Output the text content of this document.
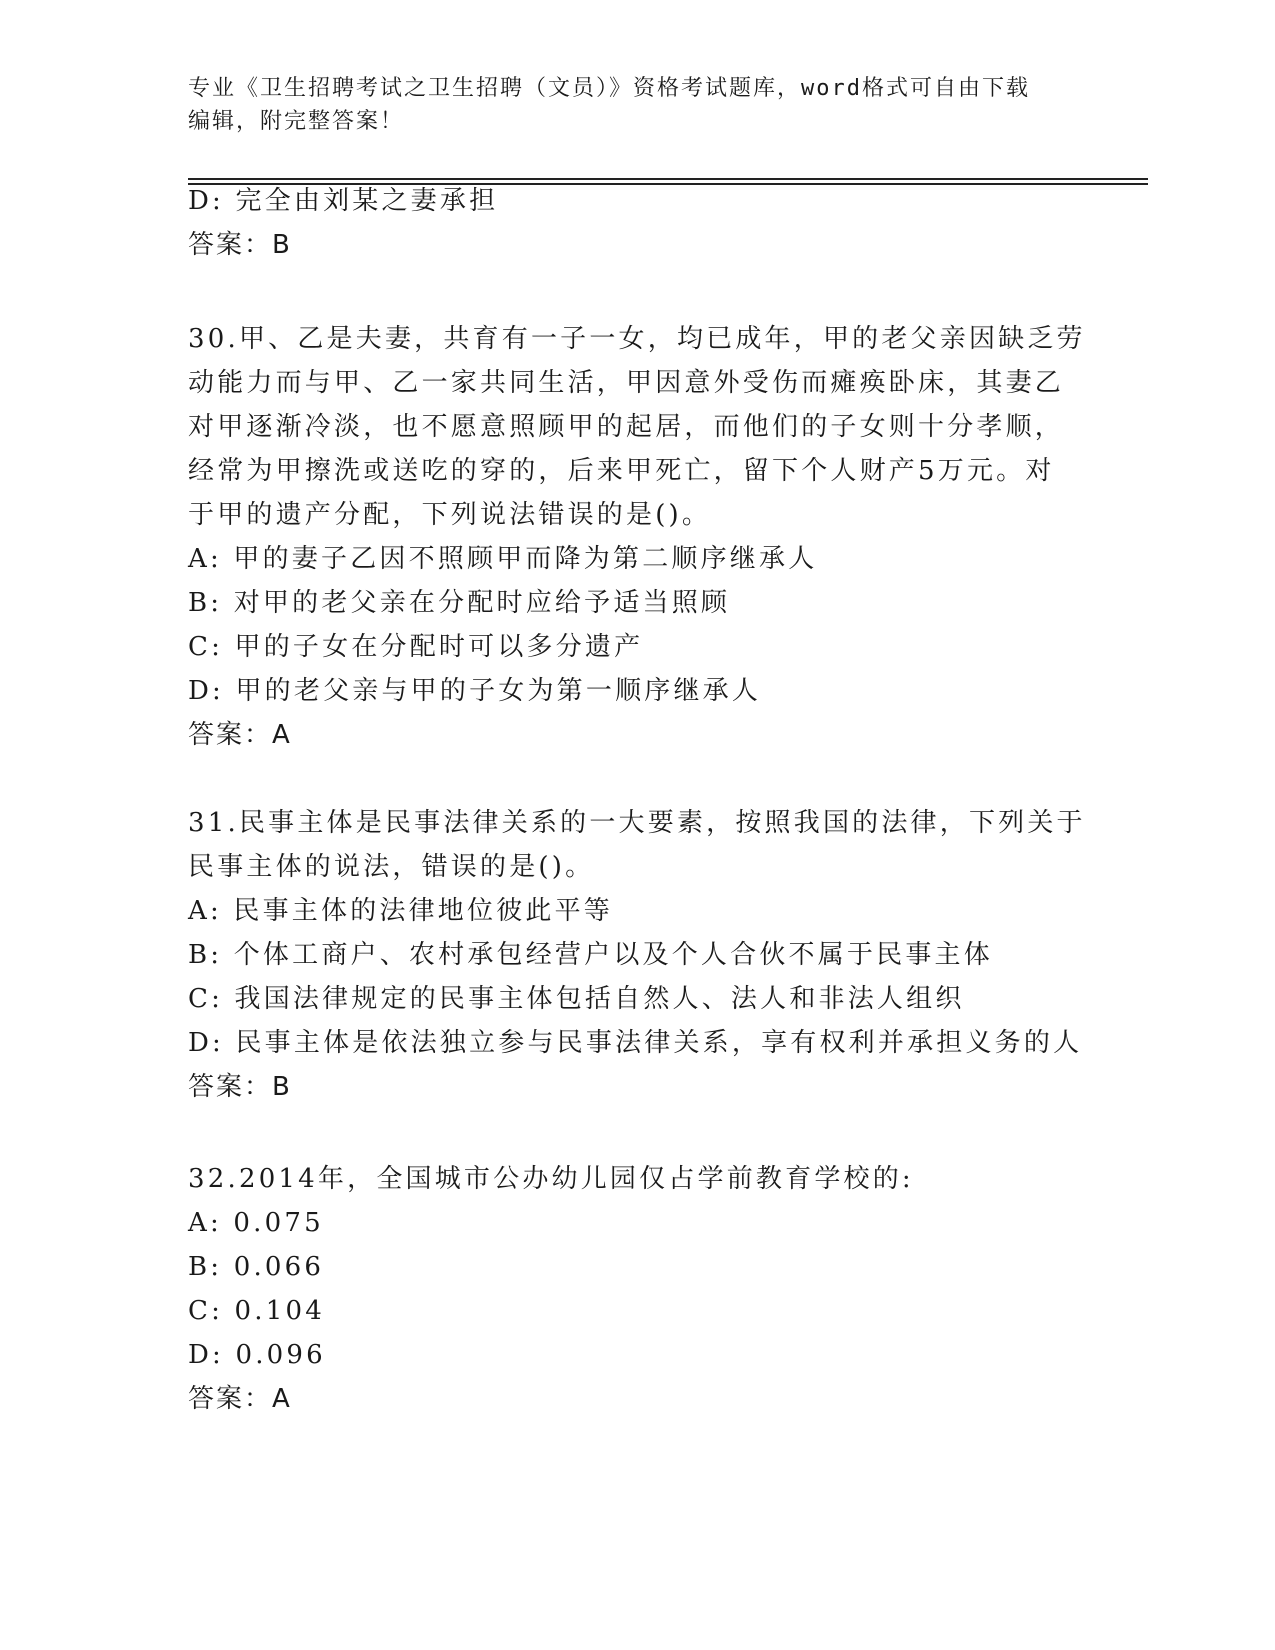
专业《卫生招聘考试之卫生招聘（文员）》资格考试题库，word格式可自由下载
编辑，附完整答案！
D: 完全由刘某之妻承担
答案：B
30.甲、乙是夫妻，共育有一子一女，均已成年，甲的老父亲因缺乏劳
动能力而与甲、乙一家共同生活，甲因意外受伤而瘫痪卧床，其妻乙
对甲逐渐冷淡，也不愿意照顾甲的起居，而他们的子女则十分孝顺，
经常为甲擦洗或送吃的穿的，后来甲死亡，留下个人财产5万元。对
于甲的遗产分配，下列说法错误的是()。
A: 甲的妻子乙因不照顾甲而降为第二顺序继承人
B: 对甲的老父亲在分配时应给予适当照顾
C: 甲的子女在分配时可以多分遗产
D: 甲的老父亲与甲的子女为第一顺序继承人
答案：A
31.民事主体是民事法律关系的一大要素，按照我国的法律，下列关于
民事主体的说法，错误的是()。
A: 民事主体的法律地位彼此平等
B: 个体工商户、农村承包经营户以及个人合伙不属于民事主体
C: 我国法律规定的民事主体包括自然人、法人和非法人组织
D: 民事主体是依法独立参与民事法律关系，享有权利并承担义务的人
答案：B
32.2014年，全国城市公办幼儿园仅占学前教育学校的:
A: 0.075
B: 0.066
C: 0.104
D: 0.096
答案：A
